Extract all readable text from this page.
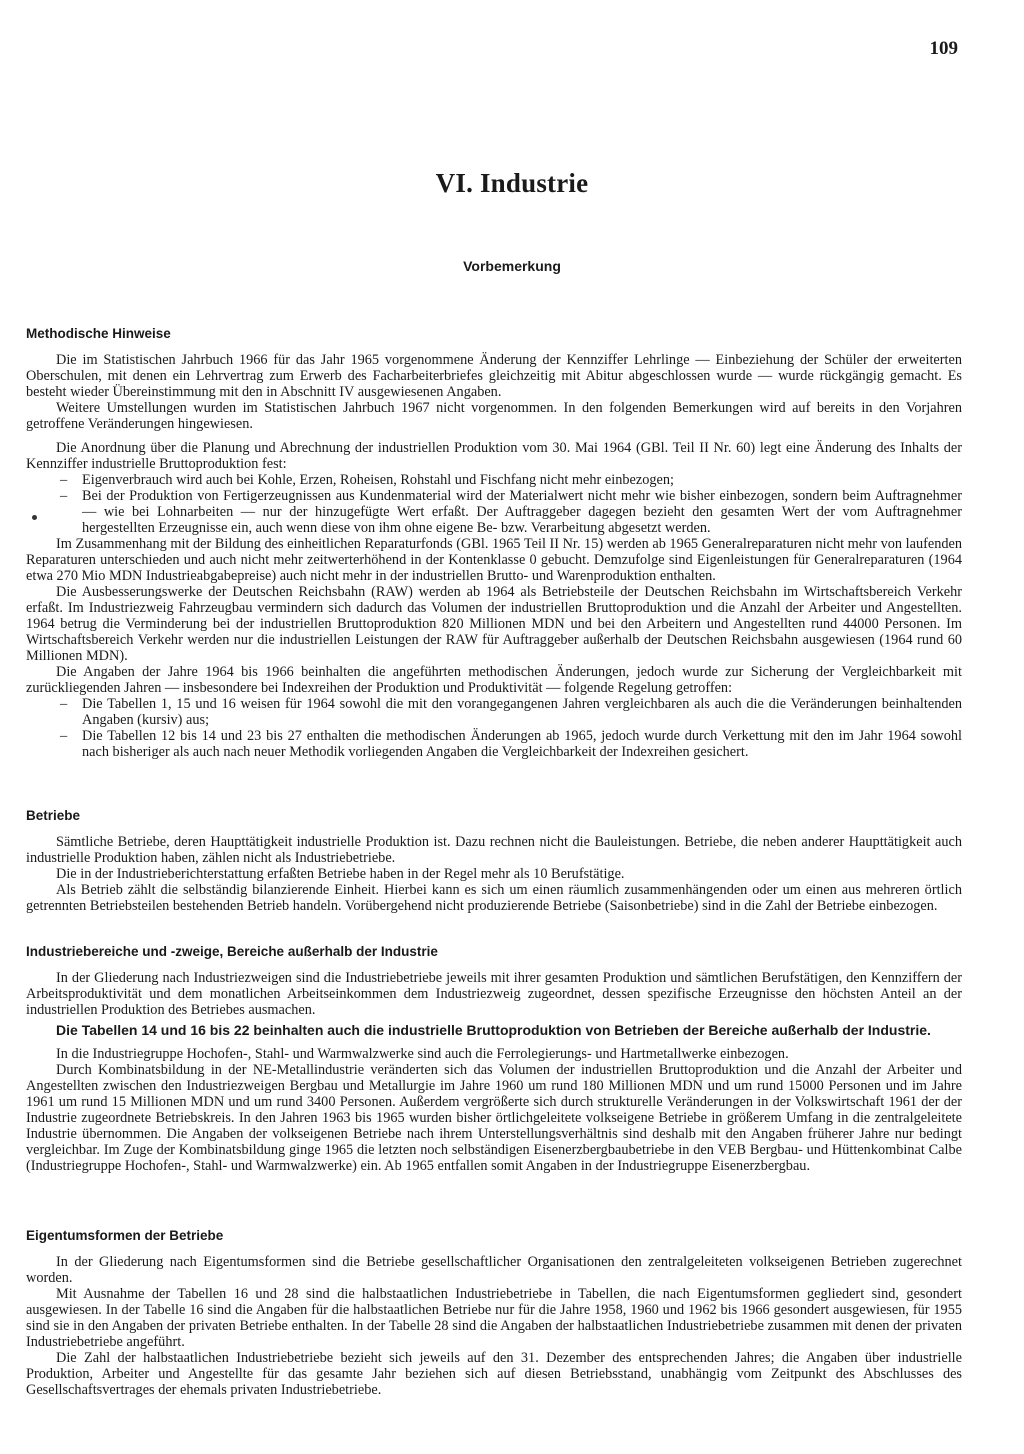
109
VI. Industrie
Vorbemerkung

Methodische Hinweise

Die im Statistischen Jahrbuch 1966 für das Jahr 1965 vorgenommene Änderung der Kennziffer Lehrlinge — Einbeziehung der Schüler der erweiterten Oberschulen, mit denen ein Lehrvertrag zum Erwerb des Facharbeiterbriefes gleichzeitig mit Abitur abgeschlossen wurde — wurde rückgängig gemacht. Es besteht wieder Übereinstimmung mit den in Abschnitt IV ausgewiesenen Angaben.

Weitere Umstellungen wurden im Statistischen Jahrbuch 1967 nicht vorgenommen. In den folgenden Bemerkungen wird auf bereits in den Vorjahren getroffene Veränderungen hingewiesen.

Die Anordnung über die Planung und Abrechnung der industriellen Produktion vom 30. Mai 1964 (GBl. Teil II Nr. 60) legt eine Änderung des Inhalts der Kennziffer industrielle Bruttoproduktion fest:

– Eigenverbrauch wird auch bei Kohle, Erzen, Roheisen, Rohstahl und Fischfang nicht mehr einbezogen;
– Bei der Produktion von Fertigerzeugnissen aus Kundenmaterial wird der Materialwert nicht mehr wie bisher einbezogen, sondern beim Auftragnehmer — wie bei Lohnarbeiten — nur der hinzugefügte Wert erfaßt. Der Auftraggeber dagegen bezieht den gesamten Wert der vom Auftragnehmer hergestellten Erzeugnisse ein, auch wenn diese von ihm ohne eigene Be- bzw. Verarbeitung abgesetzt werden.

Im Zusammenhang mit der Bildung des einheitlichen Reparaturfonds (GBl. 1965 Teil II Nr. 15) werden ab 1965 Generalreparaturen nicht mehr von laufenden Reparaturen unterschieden und auch nicht mehr zeitwerterhöhend in der Kontenklasse 0 gebucht. Demzufolge sind Eigenleistungen für Generalreparaturen (1964 etwa 270 Mio MDN Industrieabgabepreise) auch nicht mehr in der industriellen Brutto- und Warenproduktion enthalten.

Die Ausbesserungswerke der Deutschen Reichsbahn (RAW) werden ab 1964 als Betriebsteile der Deutschen Reichsbahn im Wirtschaftsbereich Verkehr erfaßt. Im Industriezweig Fahrzeugbau vermindern sich dadurch das Volumen der industriellen Bruttoproduktion und die Anzahl der Arbeiter und Angestellten. 1964 betrug die Verminderung bei der industriellen Bruttoproduktion 820 Millionen MDN und bei den Arbeitern und Angestellten rund 44000 Personen. Im Wirtschaftsbereich Verkehr werden nur die industriellen Leistungen der RAW für Auftraggeber außerhalb der Deutschen Reichsbahn ausgewiesen (1964 rund 60 Millionen MDN).

Die Angaben der Jahre 1964 bis 1966 beinhalten die angeführten methodischen Änderungen, jedoch wurde zur Sicherung der Vergleichbarkeit mit zurückliegenden Jahren — insbesondere bei Indexreihen der Produktion und Produktivität — folgende Regelung getroffen:

– Die Tabellen 1, 15 und 16 weisen für 1964 sowohl die mit den vorangegangenen Jahren vergleichbaren als auch die die Veränderungen beinhaltenden Angaben (kursiv) aus;
– Die Tabellen 12 bis 14 und 23 bis 27 enthalten die methodischen Änderungen ab 1965, jedoch wurde durch Verkettung mit den im Jahr 1964 sowohl nach bisheriger als auch nach neuer Methodik vorliegenden Angaben die Vergleichbarkeit der Indexreihen gesichert.

Betriebe

Sämtliche Betriebe, deren Haupttätigkeit industrielle Produktion ist. Dazu rechnen nicht die Bauleistungen. Betriebe, die neben anderer Haupttätigkeit auch industrielle Produktion haben, zählen nicht als Industriebetriebe.

Die in der Industrieberichterstattung erfaßten Betriebe haben in der Regel mehr als 10 Berufstätige.

Als Betrieb zählt die selbständig bilanzierende Einheit. Hierbei kann es sich um einen räumlich zusammenhängenden oder um einen aus mehreren örtlich getrennten Betriebsteilen bestehenden Betrieb handeln. Vorübergehend nicht produzierende Betriebe (Saisonbetriebe) sind in die Zahl der Betriebe einbezogen.

Industriebereiche und -zweige, Bereiche außerhalb der Industrie

In der Gliederung nach Industriezweigen sind die Industriebetriebe jeweils mit ihrer gesamten Produktion und sämtlichen Berufstätigen, den Kennziffern der Arbeitsproduktivität und dem monatlichen Arbeitseinkommen dem Industriezweig zugeordnet, dessen spezifische Erzeugnisse den höchsten Anteil an der industriellen Produktion des Betriebes ausmachen.

Die Tabellen 14 und 16 bis 22 beinhalten auch die industrielle Bruttoproduktion von Betrieben der Bereiche außerhalb der Industrie.

In die Industriegruppe Hochofen-, Stahl- und Warmwalzwerke sind auch die Ferrolegierungs- und Hartmetallwerke einbezogen.

Durch Kombinatsbildung in der NE-Metallindustrie veränderten sich das Volumen der industriellen Bruttoproduktion und die Anzahl der Arbeiter und Angestellten zwischen den Industriezweigen Bergbau und Metallurgie im Jahre 1960 um rund 180 Millionen MDN und um rund 15000 Personen und im Jahre 1961 um rund 15 Millionen MDN und um rund 3400 Personen. Außerdem vergrößerte sich durch strukturelle Veränderungen in der Volkswirtschaft 1961 der der Industrie zugeordnete Betriebskreis. In den Jahren 1963 bis 1965 wurden bisher örtlichgeleitete volkseigene Betriebe in größerem Umfang in die zentralgeleitete Industrie übernommen. Die Angaben der volkseigenen Betriebe nach ihrem Unterstellungsverhältnis sind deshalb mit den Angaben früherer Jahre nur bedingt vergleichbar. Im Zuge der Kombinatsbildung ginge 1965 die letzten noch selbständigen Eisenerzbergbaubetriebe in den VEB Bergbau- und Hüttenkombinat Calbe (Industriegruppe Hochofen-, Stahl- und Warmwalzwerke) ein. Ab 1965 entfallen somit Angaben in der Industriegruppe Eisenerzbergbau.

Eigentumsformen der Betriebe

In der Gliederung nach Eigentumsformen sind die Betriebe gesellschaftlicher Organisationen den zentralgeleiteten volkseigenen Betrieben zugerechnet worden.

Mit Ausnahme der Tabellen 16 und 28 sind die halbstaatlichen Industriebetriebe in Tabellen, die nach Eigentumsformen gegliedert sind, gesondert ausgewiesen. In der Tabelle 16 sind die Angaben für die halbstaatlichen Betriebe nur für die Jahre 1958, 1960 und 1962 bis 1966 gesondert ausgewiesen, für 1955 sind sie in den Angaben der privaten Betriebe enthalten. In der Tabelle 28 sind die Angaben der halbstaatlichen Industriebetriebe zusammen mit denen der privaten Industriebetriebe angeführt.

Die Zahl der halbstaatlichen Industriebetriebe bezieht sich jeweils auf den 31. Dezember des entsprechenden Jahres; die Angaben über industrielle Produktion, Arbeiter und Angestellte für das gesamte Jahr beziehen sich auf diesen Betriebsstand, unabhängig vom Zeitpunkt des Abschlusses des Gesellschaftsvertrages der ehemals privaten Industriebetriebe.
